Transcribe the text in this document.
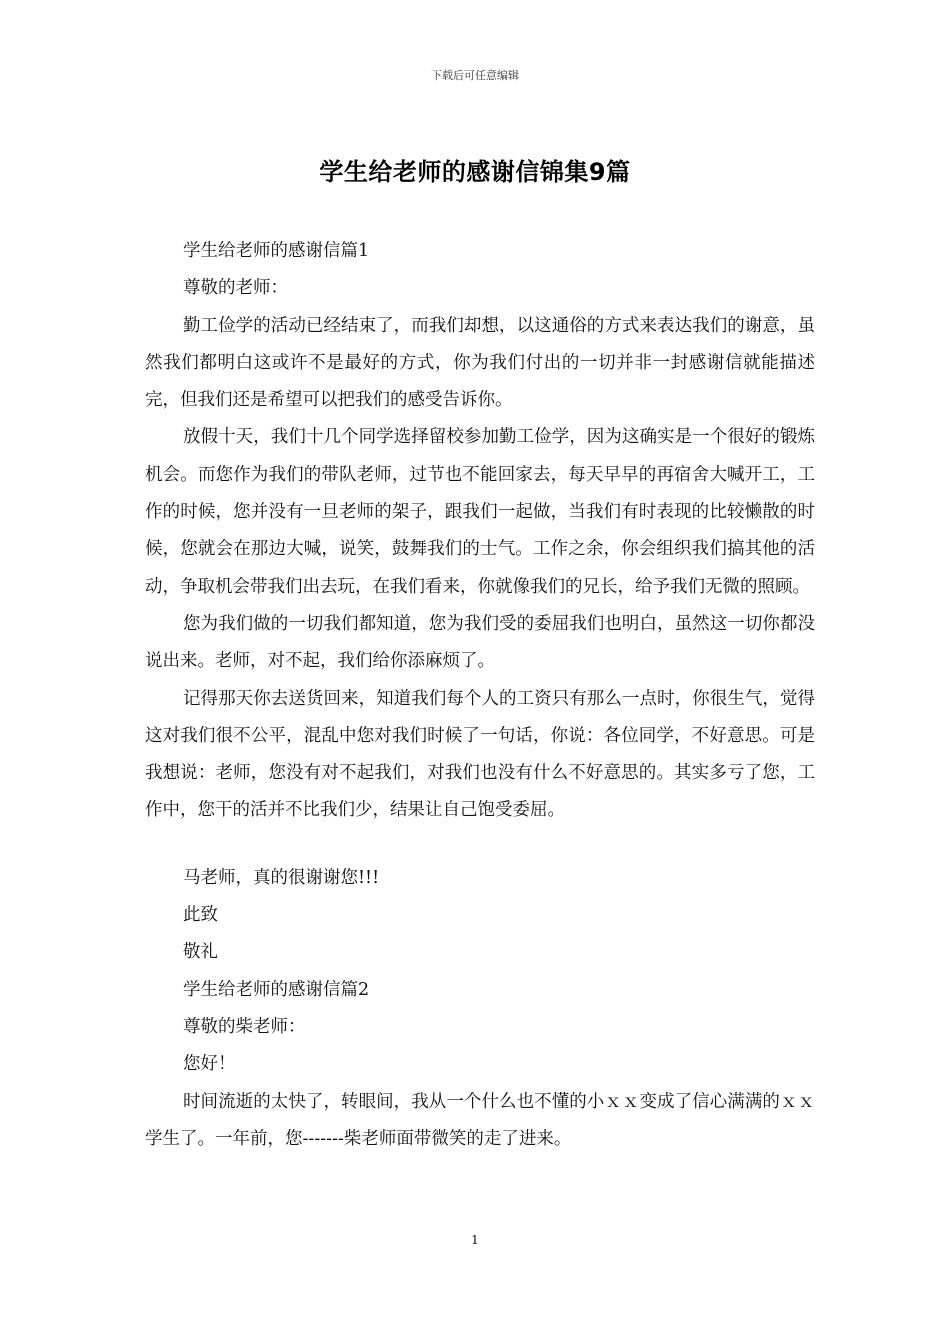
下载后可任意编辑
学生给老师的感谢信锦集9篇

学生给老师的感谢信篇1

尊敬的老师：

勤工俭学的活动已经结束了，而我们却想，以这通俗的方式来表达我们的谢意，虽然我们都明白这或许不是最好的方式，你为我们付出的一切并非一封感谢信就能描述完，但我们还是希望可以把我们的感受告诉你。

放假十天，我们十几个同学选择留校参加勤工俭学，因为这确实是一个很好的锻炼机会。而您作为我们的带队老师，过节也不能回家去，每天早早的再宿舍大喊开工，工作的时候，您并没有一旦老师的架子，跟我们一起做，当我们有时表现的比较懒散的时候，您就会在那边大喊，说笑，鼓舞我们的士气。工作之余，你会组织我们搞其他的活动，争取机会带我们出去玩，在我们看来，你就像我们的兄长，给予我们无微的照顾。

您为我们做的一切我们都知道，您为我们受的委屈我们也明白，虽然这一切你都没说出来。老师，对不起，我们给你添麻烦了。

记得那天你去送货回来，知道我们每个人的工资只有那么一点时，你很生气，觉得这对我们很不公平，混乱中您对我们时候了一句话，你说：各位同学，不好意思。可是我想说：老师，您没有对不起我们，对我们也没有什么不好意思的。其实多亏了您，工作中，您干的活并不比我们少，结果让自己饱受委屈。

马老师，真的很谢谢您!!!

此致

敬礼

学生给老师的感谢信篇2

尊敬的柴老师：

您好！

时间流逝的太快了，转眼间，我从一个什么也不懂的小ｘｘ变成了信心满满的ｘｘ学生了。一年前，您-------柴老师面带微笑的走了进来。

1
